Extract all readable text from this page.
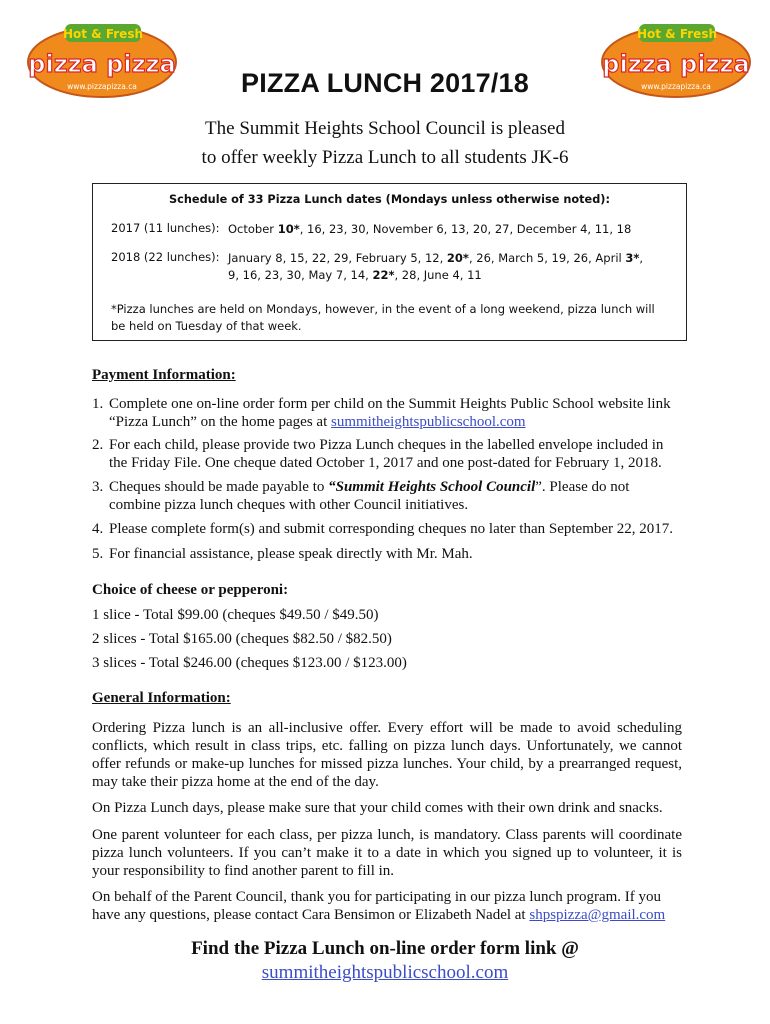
Hot & Fresh
pizza pizza
www.pizzapizza.ca
Hot & Fresh
pizza pizza
www.pizzapizza.ca
PIZZA LUNCH 2017/18
The Summit Heights School Council is pleased
to offer weekly Pizza Lunch to all students JK-6
Schedule of 33 Pizza Lunch dates (Mondays unless otherwise noted):
2017 (11 lunches): October 10*, 16, 23, 30, November 6, 13, 20, 27, December 4, 11, 18
2018 (22 lunches): January 8, 15, 22, 29, February 5, 12, 20*, 26, March 5, 19, 26, April 3*,
9, 16, 23, 30, May 7, 14, 22*, 28, June 4, 11
*Pizza lunches are held on Mondays, however, in the event of a long weekend, pizza lunch will be held on Tuesday of that week.
Payment Information:
1. Complete one on-line order form per child on the Summit Heights Public School website link “Pizza Lunch” on the home pages at summitheightspublicschool.com
2. For each child, please provide two Pizza Lunch cheques in the labelled envelope included in the Friday File. One cheque dated October 1, 2017 and one post-dated for February 1, 2018.
3. Cheques should be made payable to “Summit Heights School Council”. Please do not combine pizza lunch cheques with other Council initiatives.
4. Please complete form(s) and submit corresponding cheques no later than September 22, 2017.
5. For financial assistance, please speak directly with Mr. Mah.
Choice of cheese or pepperoni:
1 slice - Total $99.00 (cheques $49.50 / $49.50)
2 slices - Total $165.00 (cheques $82.50 / $82.50)
3 slices - Total $246.00 (cheques $123.00 / $123.00)
General Information:
Ordering Pizza lunch is an all-inclusive offer. Every effort will be made to avoid scheduling conflicts, which result in class trips, etc. falling on pizza lunch days. Unfortunately, we cannot offer refunds or make-up lunches for missed pizza lunches. Your child, by a prearranged request, may take their pizza home at the end of the day.
On Pizza Lunch days, please make sure that your child comes with their own drink and snacks.
One parent volunteer for each class, per pizza lunch, is mandatory. Class parents will coordinate pizza lunch volunteers. If you can’t make it to a date in which you signed up to volunteer, it is your responsibility to find another parent to fill in.
On behalf of the Parent Council, thank you for participating in our pizza lunch program. If you have any questions, please contact Cara Bensimon or Elizabeth Nadel at shpspizza@gmail.com
Find the Pizza Lunch on-line order form link @
summitheightspublicschool.com
